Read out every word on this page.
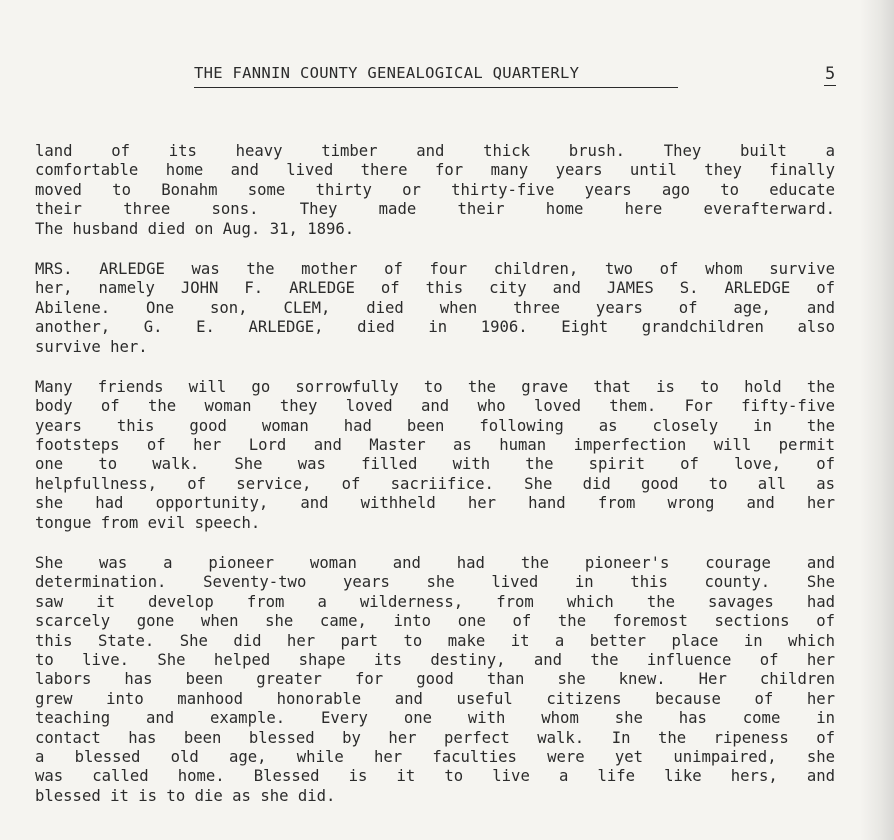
THE FANNIN COUNTY GENEALOGICAL QUARTERLY	5
land of its heavy timber and thick brush. They built a
comfortable home and lived there for many years until they finally
moved to Bonahm some thirty or thirty-five years ago to educate
their three sons. They made their home here everafterward.
The husband died on Aug. 31, 1896.
MRS. ARLEDGE was the mother of four children, two of whom survive
her, namely JOHN F. ARLEDGE of this city and JAMES S. ARLEDGE of
Abilene. One son, CLEM, died when three years of age, and
another, G. E. ARLEDGE, died in 1906. Eight grandchildren also
survive her.
Many friends will go sorrowfully to the grave that is to hold the
body of the woman they loved and who loved them. For fifty-five
years this good woman had been following as closely in the
footsteps of her Lord and Master as human imperfection will permit
one to walk. She was filled with the spirit of love, of
helpfullness, of service, of sacriifice. She did good to all as
she had opportunity, and withheld her hand from wrong and her
tongue from evil speech.
She was a pioneer woman and had the pioneer's courage and
determination. Seventy-two years she lived in this county. She
saw it develop from a wilderness, from which the savages had
scarcely gone when she came, into one of the foremost sections of
this State. She did her part to make it a better place in which
to live. She helped shape its destiny, and the influence of her
labors has been greater for good than she knew. Her children
grew into manhood honorable and useful citizens because of her
teaching and example. Every one with whom she has come in
contact has been blessed by her perfect walk. In the ripeness of
a blessed old age, while her faculties were yet unimpaired, she
was called home. Blessed is it to live a life like hers, and
blessed it is to die as she did.
